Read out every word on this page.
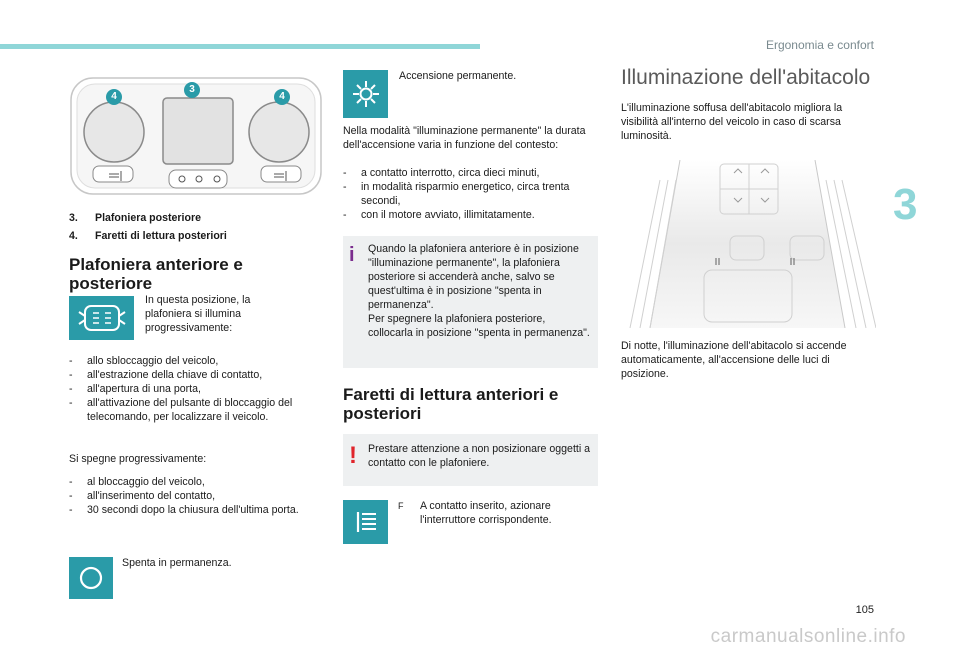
Ergonomia e confort
3
4
3
4
3. Plafoniera posteriore
4. Faretti di lettura posteriori
Plafoniera anteriore e posteriore
In questa posizione, la plafoniera si illumina progressivamente:
- allo sbloccaggio del veicolo,
- all'estrazione della chiave di contatto,
- all'apertura di una porta,
- all'attivazione del pulsante di bloccaggio del telecomando, per localizzare il veicolo.
Si spegne progressivamente:
- al bloccaggio del veicolo,
- all'inserimento del contatto,
- 30 secondi dopo la chiusura dell'ultima porta.
Spenta in permanenza.
Accensione permanente.
Nella modalità "illuminazione permanente" la durata dell'accensione varia in funzione del contesto:
- a contatto interrotto, circa dieci minuti,
- in modalità risparmio energetico, circa trenta secondi,
- con il motore avviato, illimitatamente.
i Quando la plafoniera anteriore è in posizione "illuminazione permanente", la plafoniera posteriore si accenderà anche, salvo se quest'ultima è in posizione "spenta in permanenza".
Per spegnere la plafoniera posteriore, collocarla in posizione "spenta in permanenza".
Faretti di lettura anteriori e posteriori
! Prestare attenzione a non posizionare oggetti a contatto con le plafoniere.
F A contatto inserito, azionare l'interruttore corrispondente.
Illuminazione dell'abitacolo
L'illuminazione soffusa dell'abitacolo migliora la visibilità all'interno del veicolo in caso di scarsa luminosità.
Di notte, l'illuminazione dell'abitacolo si accende automaticamente, all'accensione delle luci di posizione.
105
carmanualsonline.info
